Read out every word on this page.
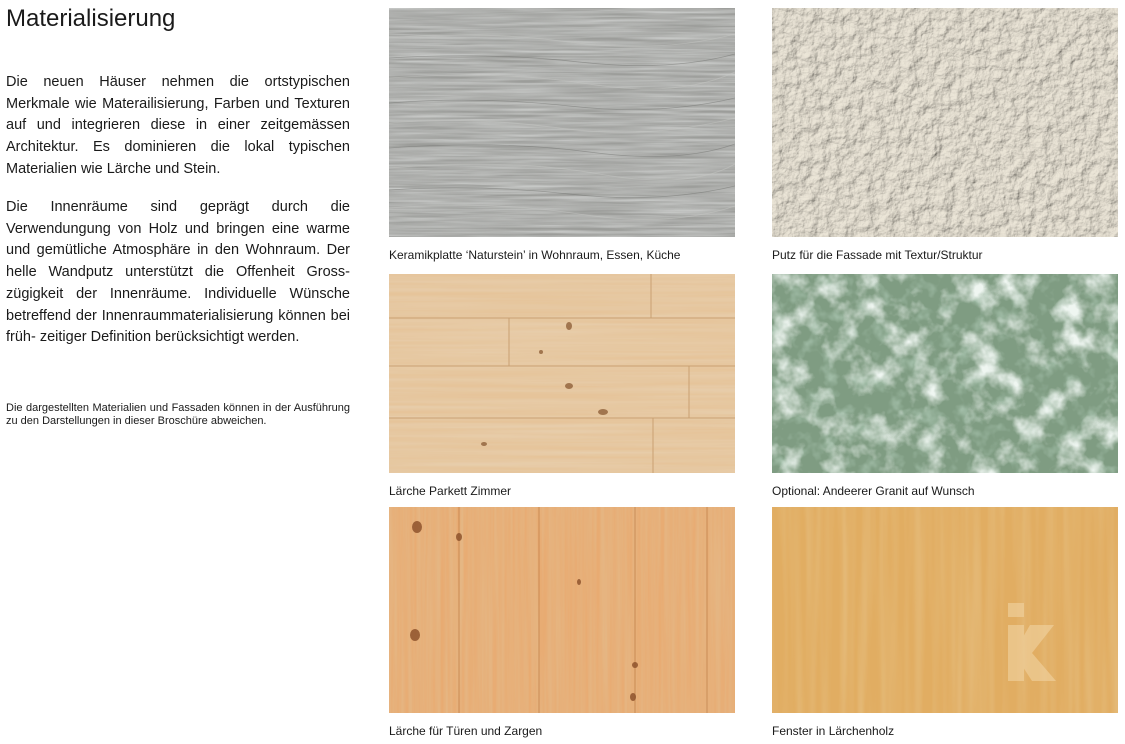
Materialisierung

Die neuen Häuser nehmen die ortstypischen Merkmale wie Materailisierung, Farben und Texturen auf und integrieren diese in einer zeitgemässen Architektur. Es dominieren die lokal typischen Materialien wie Lärche und Stein.

Die Innenräume sind geprägt durch die Verwendungung von Holz und bringen eine warme und gemütliche Atmosphäre in den Wohnraum. Der helle Wandputz unterstützt die Offenheit Gross-zügigkeit der Innenräume. Individuelle Wünsche betreffend der Innenraummaterialisierung können bei früh- zeitiger Definition berücksichtigt werden.

Die dargestellten Materialien und Fassaden können in der Ausführung zu den Darstellungen in dieser Broschüre abweichen.

Keramikplatte ‘Naturstein’ in Wohnraum, Essen, Küche	Putz für die Fassade mit Textur/Struktur
Lärche Parkett Zimmer	Optional: Andeerer Granit auf Wunsch
Lärche für Türen und Zargen	Fenster in Lärchenholz
